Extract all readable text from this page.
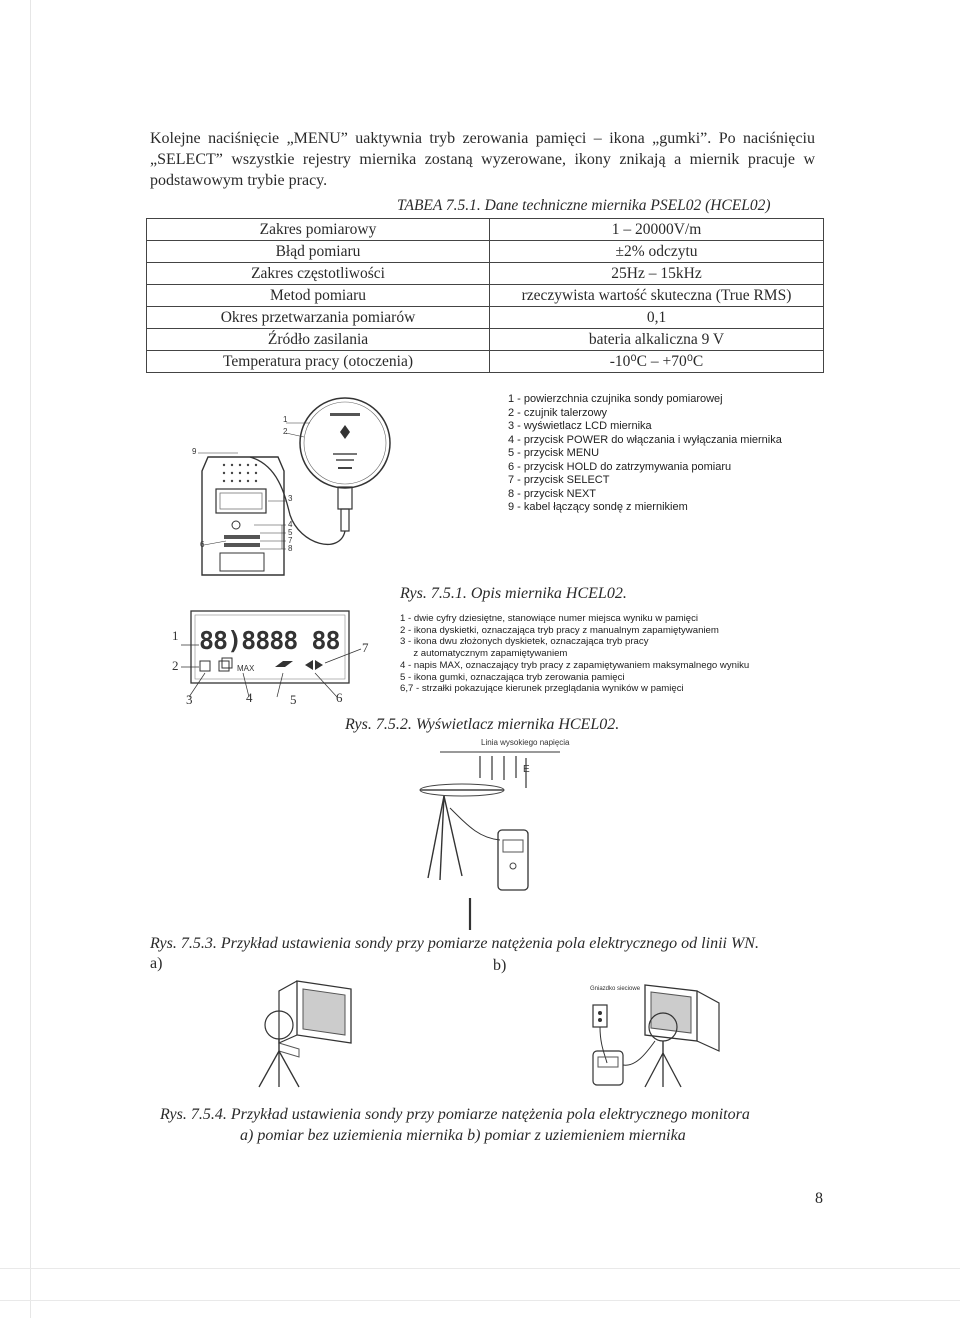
Kolejne naciśnięcie „MENU” uaktywnia tryb zerowania pamięci – ikona „gumki”. Po naciśnięciu „SELECT” wszystkie rejestry miernika zostaną wyzerowane, ikony znikają a miernik pracuje w podstawowym trybie pracy.

TABEA 7.5.1. Dane techniczne miernika PSEL02 (HCEL02)
Zakres pomiarowy	1 – 20000V/m
Błąd pomiaru	±2% odczytu
Zakres częstotliwości	25Hz – 15kHz
Metod pomiaru	rzeczywista wartość skuteczna (True RMS)
Okres przetwarzania pomiarów	0,1
Źródło zasilania	bateria alkaliczna 9 V
Temperatura pracy (otoczenia)	-10⁰C – +70⁰C
1
2
3
4
5
6	7
8
9
1 - powierzchnia czujnika sondy pomiarowej
2 - czujnik talerzowy
3 - wyświetlacz LCD miernika
4 - przycisk POWER do włączania i wyłączania miernika
5 - przycisk MENU
6 - przycisk HOLD do zatrzymywania pomiaru
7 - przycisk SELECT
8 - przycisk NEXT
9 - kabel łączący sondę z miernikiem
Rys. 7.5.1. Opis miernika HCEL02.
88)8888 88
MAX
1
2
3	4	5	6
7
1 - dwie cyfry dziesiętne, stanowiące numer miejsca wyniku w pamięci
2 - ikona dyskietki, oznaczająca tryb pracy z manualnym zapamiętywaniem
3 - ikona dwu złożonych dyskietek, oznaczająca tryb pracy
z automatycznym zapamiętywaniem
4 - napis MAX, oznaczający tryb pracy z zapamiętywaniem maksymalnego wyniku
5 - ikona gumki, oznaczająca tryb zerowania pamięci
6,7 - strzałki pokazujące kierunek przeglądania wyników w pamięci
Rys. 7.5.2. Wyświetlacz miernika HCEL02.
Linia wysokiego napięcia
E
Rys. 7.5.3. Przykład ustawienia sondy przy pomiarze natężenia pola elektrycznego od linii WN.
a)	b)
Gniazdko sieciowe
Rys. 7.5.4. Przykład ustawienia sondy przy pomiarze natężenia pola elektrycznego monitora
a) pomiar bez uziemienia miernika b) pomiar z uziemieniem miernika
8
